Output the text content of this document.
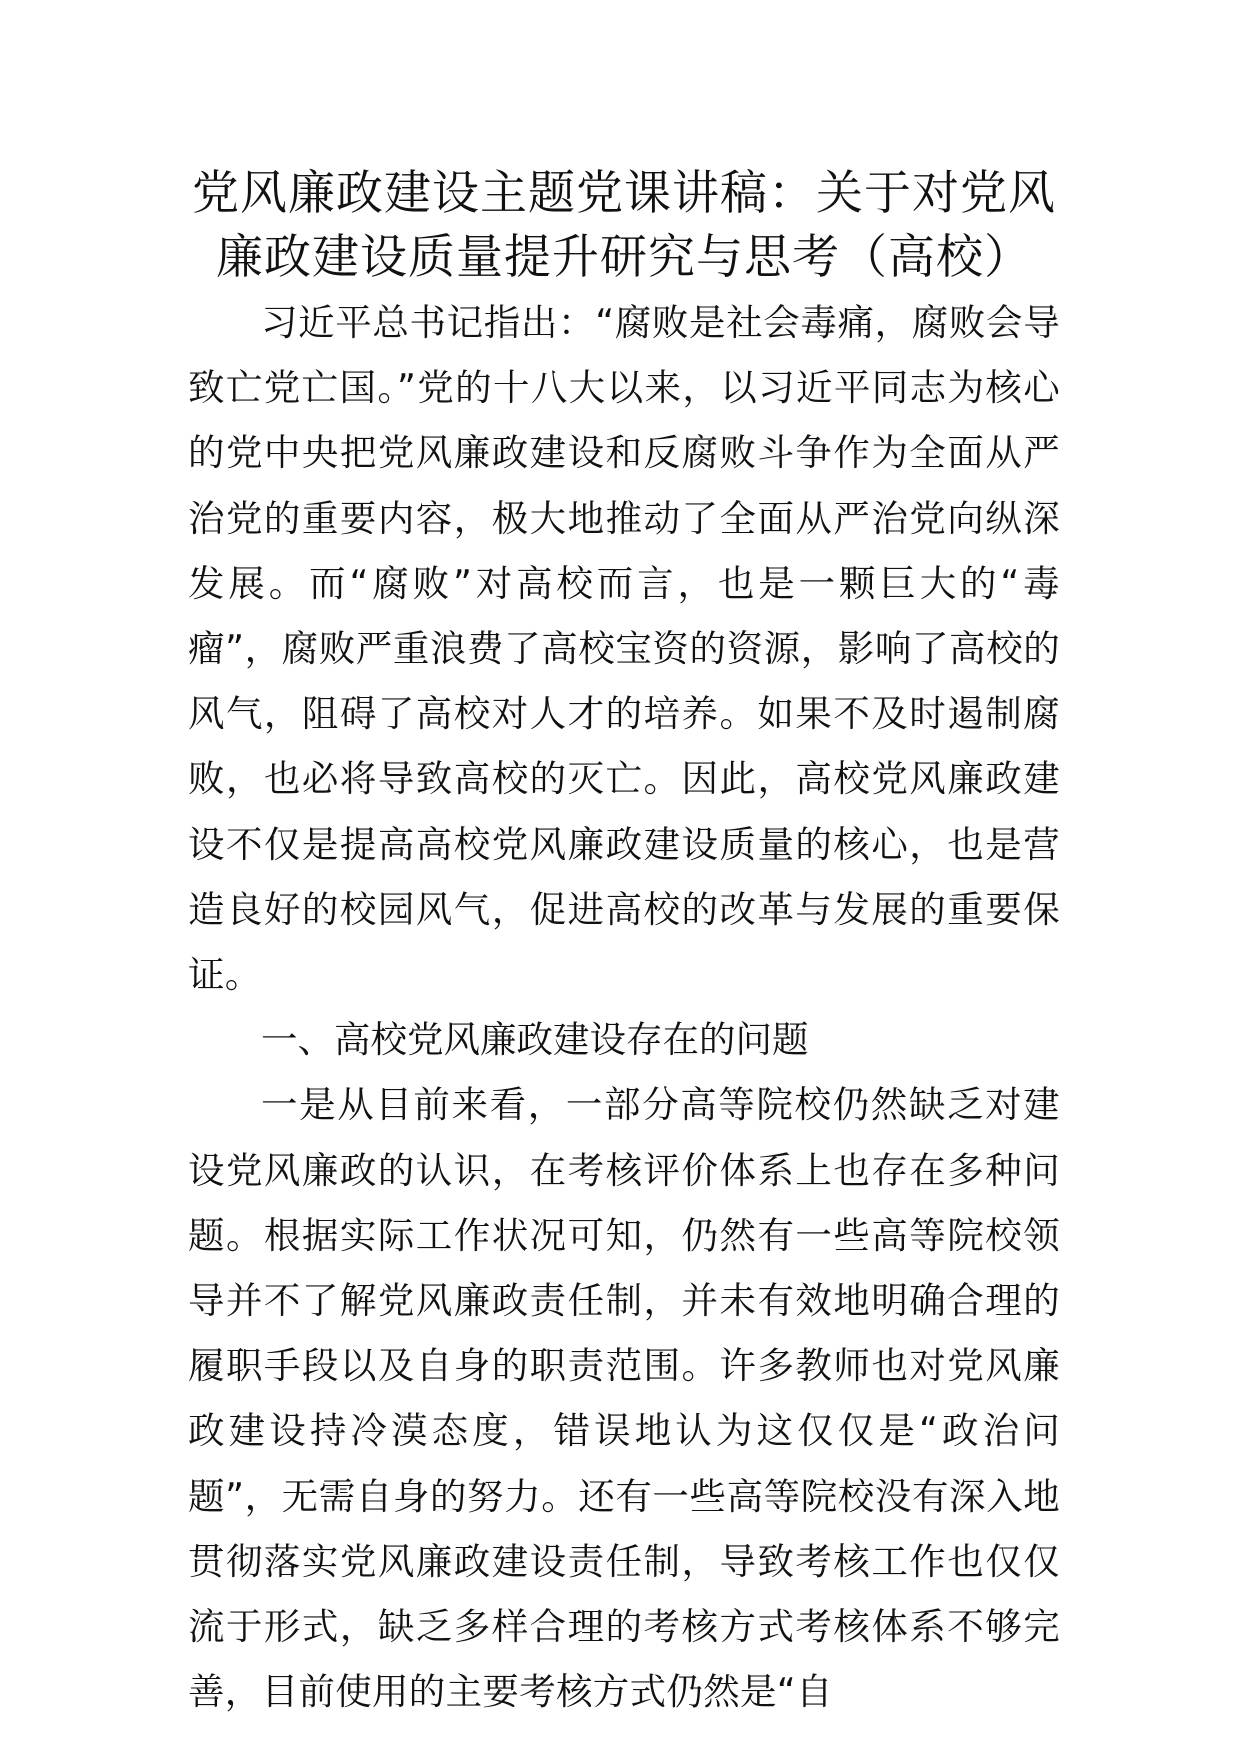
党风廉政建设主题党课讲稿：关于对党风
廉政建设质量提升研究与思考（高校）

习近平总书记指出：“腐败是社会毒痛，腐败会导致亡党亡国。”党的十八大以来，以习近平同志为核心的党中央把党风廉政建设和反腐败斗争作为全面从严治党的重要内容，极大地推动了全面从严治党向纵深发展。而“腐败”对高校而言，也是一颗巨大的“毒瘤”，腐败严重浪费了高校宝资的资源，影响了高校的风气，阻碍了高校对人才的培养。如果不及时遏制腐败，也必将导致高校的灭亡。因此，高校党风廉政建设不仅是提高高校党风廉政建设质量的核心，也是营造良好的校园风气，促进高校的改革与发展的重要保证。

一、高校党风廉政建设存在的问题

一是从目前来看，一部分高等院校仍然缺乏对建设党风廉政的认识，在考核评价体系上也存在多种问题。根据实际工作状况可知，仍然有一些高等院校领导并不了解党风廉政责任制，并未有效地明确合理的履职手段以及自身的职责范围。许多教师也对党风廉政建设持冷漠态度，错误地认为这仅仅是“政治问题”，无需自身的努力。还有一些高等院校没有深入地贯彻落实党风廉政建设责任制，导致考核工作也仅仅流于形式，缺乏多样合理的考核方式考核体系不够完善，目前使用的主要考核方式仍然是“自
